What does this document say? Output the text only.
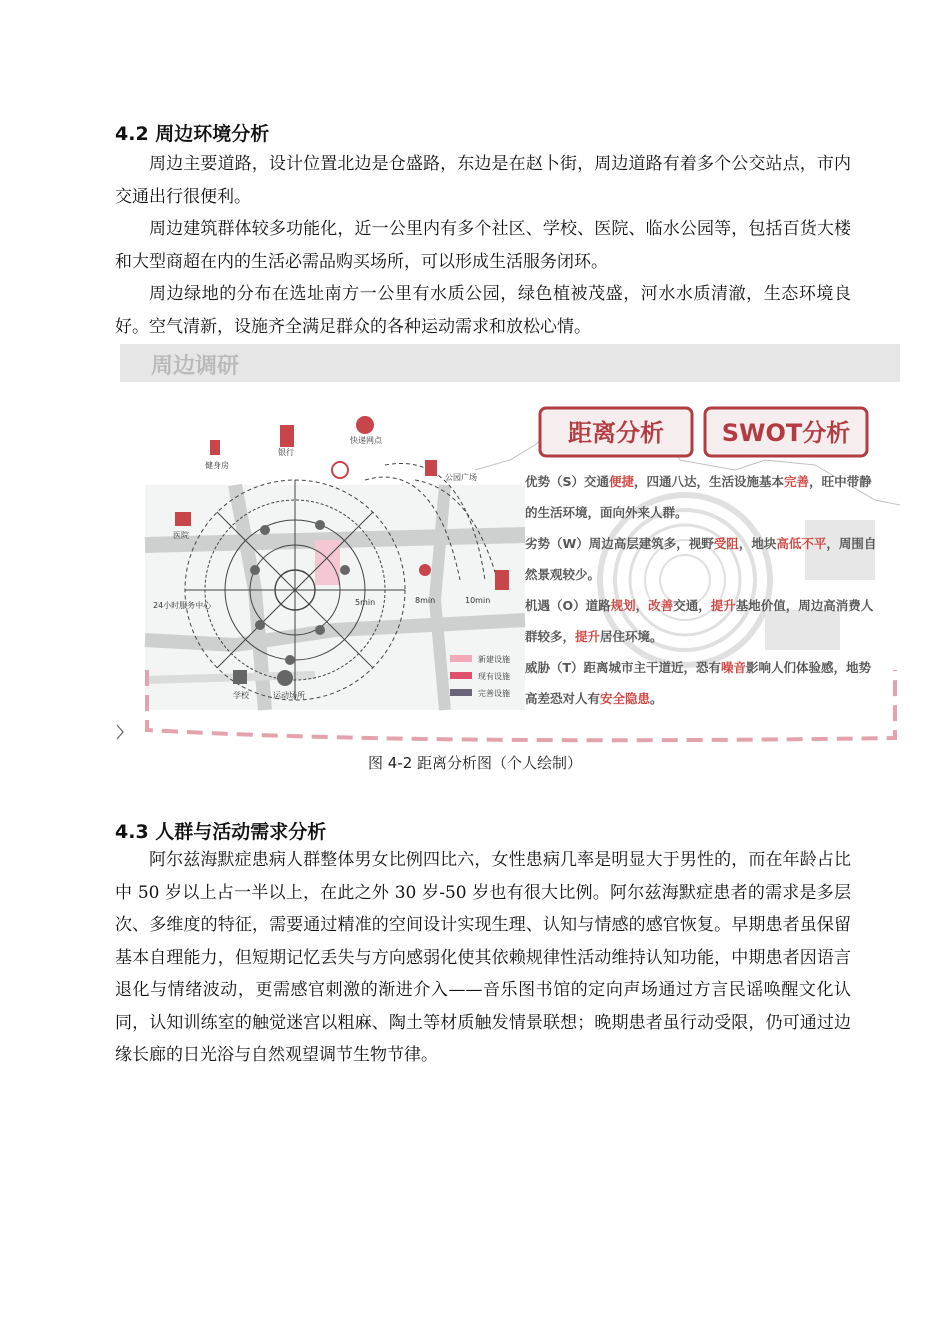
4.2 周边环境分析
周边主要道路，设计位置北边是仓盛路，东边是在赵卜街，周边道路有着多个公交站点，市内交通出行很便利。
周边建筑群体较多功能化，近一公里内有多个社区、学校、医院、临水公园等，包括百货大楼和大型商超在内的生活必需品购买场所，可以形成生活服务闭环。
周边绿地的分布在选址南方一公里有水质公园，绿色植被茂盛，河水水质清澈，生态环境良好。空气清新，设施齐全满足群众的各种运动需求和放松心情。
周边调研
健身房
银行
快递网点
公园广场
医院
24小时服务中心
学校	运动场所
5min	8min	10min
新建设施
现有设施
完善设施
距离分析 SWOT分析
优势（S）交通便捷，四通八达，生活设施基本完善，旺中带静
的生活环境，面向外来人群。
劣势（W）周边高层建筑多，视野受阻，地块高低不平，周围自
然景观较少。
机遇（O）道路规划，改善交通，提升基地价值，周边高消费人
群较多，提升居住环境。
威胁（T）距离城市主干道近，恐有噪音影响人们体验感，地势
高差恐对人有安全隐患。
图 4-2 距离分析图（个人绘制）
4.3 人群与活动需求分析
阿尔兹海默症患病人群整体男女比例四比六，女性患病几率是明显大于男性的，而在年龄占比中 50 岁以上占一半以上，在此之外 30 岁-50 岁也有很大比例。阿尔兹海默症患者的需求是多层次、多维度的特征，需要通过精准的空间设计实现生理、认知与情感的感官恢复。早期患者虽保留基本自理能力，但短期记忆丢失与方向感弱化使其依赖规律性活动维持认知功能，中期患者因语言退化与情绪波动，更需感官刺激的渐进介入——音乐图书馆的定向声场通过方言民谣唤醒文化认同，认知训练室的触觉迷宫以粗麻、陶土等材质触发情景联想；晚期患者虽行动受限，仍可通过边缘长廊的日光浴与自然观望调节生物节律。
